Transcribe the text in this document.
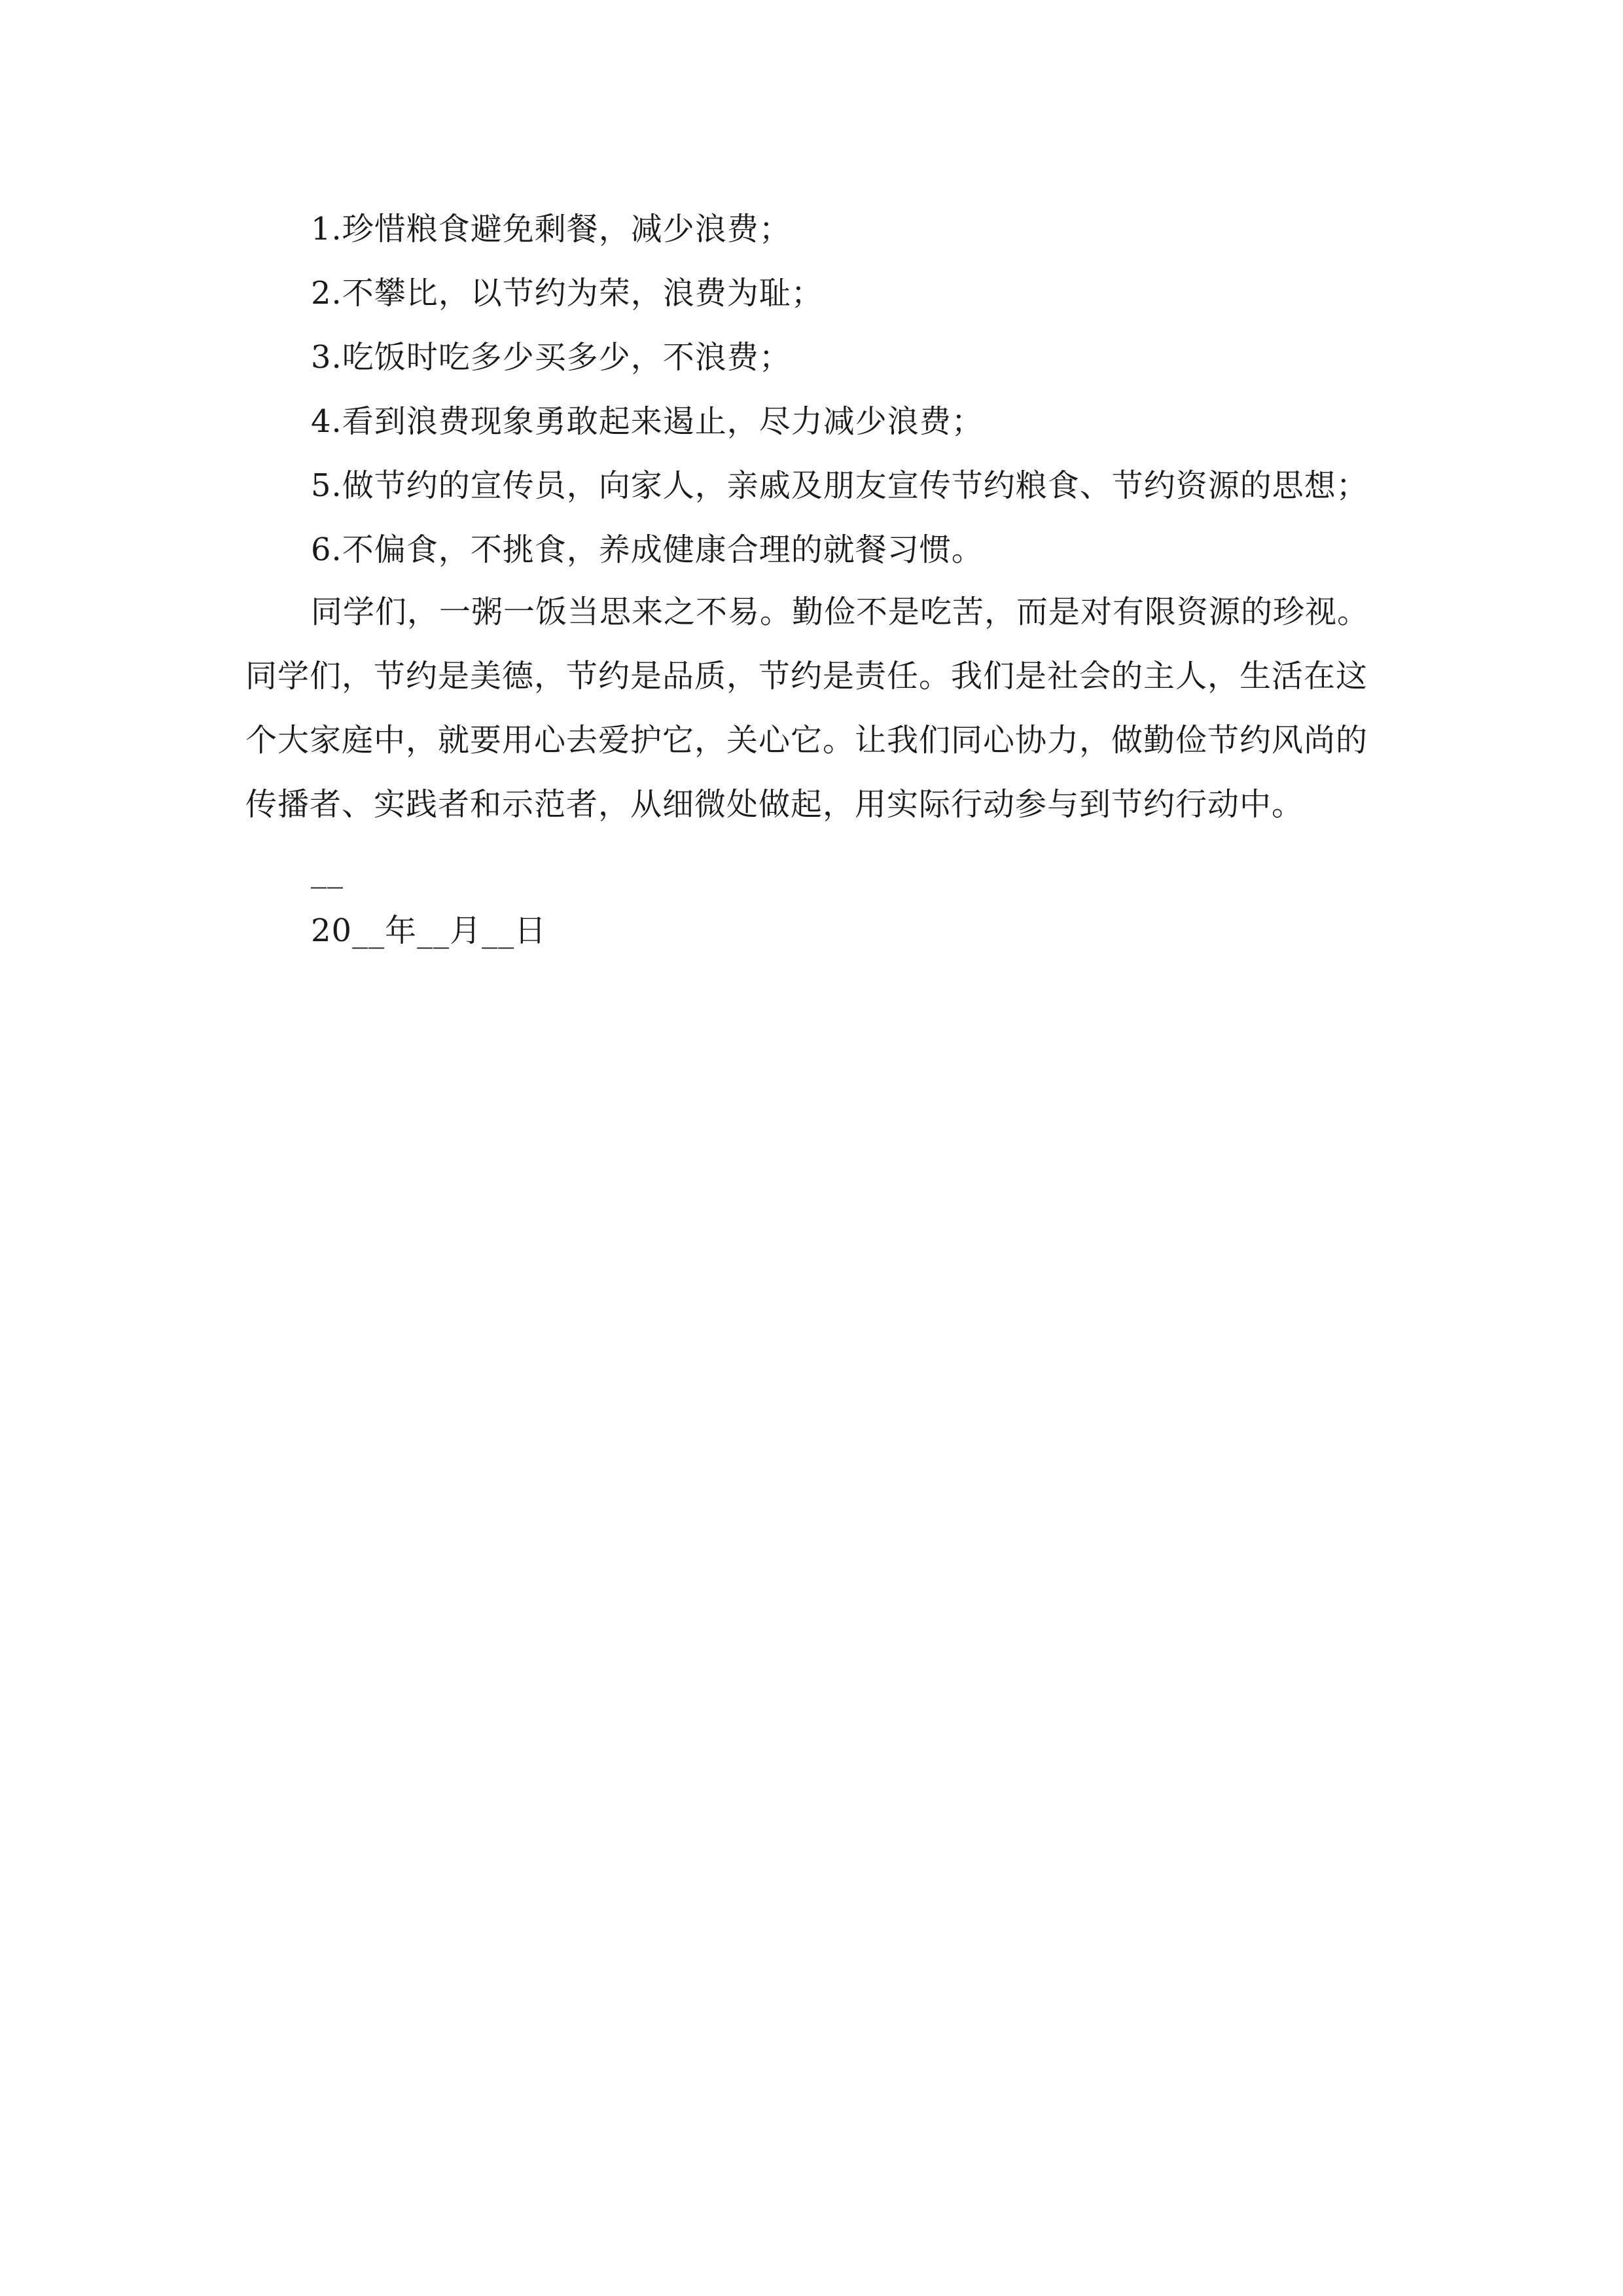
1.珍惜粮食避免剩餐，减少浪费；
2.不攀比，以节约为荣，浪费为耻；
3.吃饭时吃多少买多少，不浪费；
4.看到浪费现象勇敢起来遏止，尽力减少浪费；
5.做节约的宣传员，向家人，亲戚及朋友宣传节约粮食、节约资源的思想；
6.不偏食，不挑食，养成健康合理的就餐习惯。
同学们，一粥一饭当思来之不易。勤俭不是吃苦，而是对有限资源的珍视。
同学们，节约是美德，节约是品质，节约是责任。我们是社会的主人，生活在这
个大家庭中，就要用心去爱护它，关心它。让我们同心协力，做勤俭节约风尚的
传播者、实践者和示范者，从细微处做起，用实际行动参与到节约行动中。
__
20__年__月__日
